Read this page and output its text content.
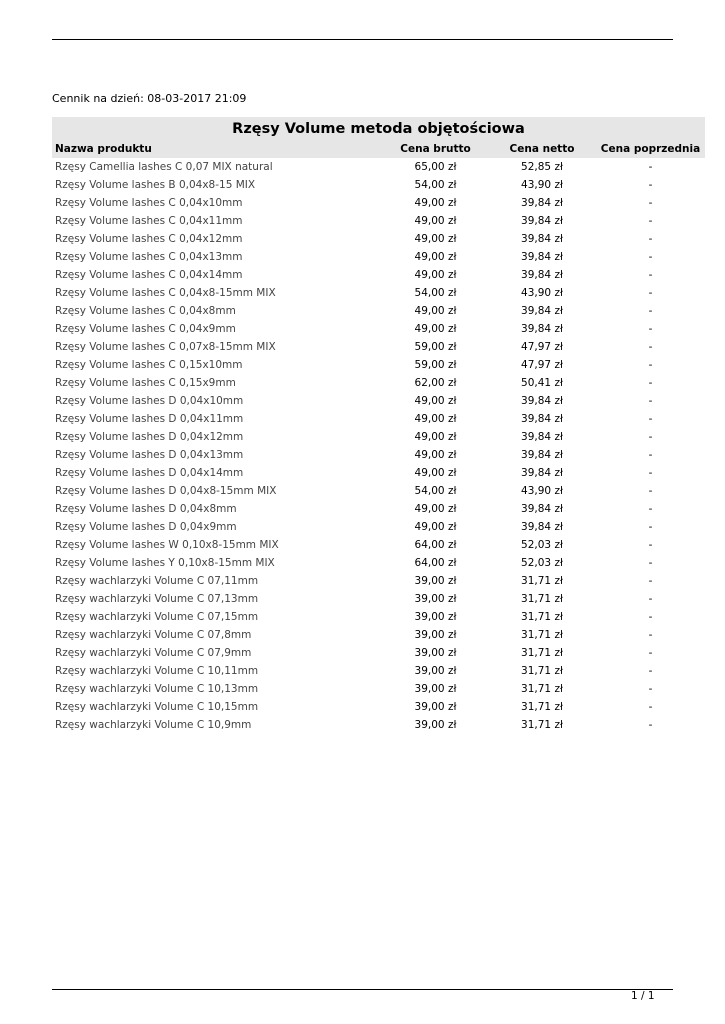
Cennik na dzień: 08-03-2017 21:09
Rzęsy Volume metoda objętościowa
Nazwa produktu	Cena brutto	Cena netto	Cena poprzednia
Rzęsy Camellia lashes C 0,07 MIX natural	65,00 zł	52,85 zł	-
Rzęsy Volume lashes B 0,04x8-15 MIX	54,00 zł	43,90 zł	-
Rzęsy Volume lashes C 0,04x10mm	49,00 zł	39,84 zł	-
Rzęsy Volume lashes C 0,04x11mm	49,00 zł	39,84 zł	-
Rzęsy Volume lashes C 0,04x12mm	49,00 zł	39,84 zł	-
Rzęsy Volume lashes C 0,04x13mm	49,00 zł	39,84 zł	-
Rzęsy Volume lashes C 0,04x14mm	49,00 zł	39,84 zł	-
Rzęsy Volume lashes C 0,04x8-15mm MIX	54,00 zł	43,90 zł	-
Rzęsy Volume lashes C 0,04x8mm	49,00 zł	39,84 zł	-
Rzęsy Volume lashes C 0,04x9mm	49,00 zł	39,84 zł	-
Rzęsy Volume lashes C 0,07x8-15mm MIX	59,00 zł	47,97 zł	-
Rzęsy Volume lashes C 0,15x10mm	59,00 zł	47,97 zł	-
Rzęsy Volume lashes C 0,15x9mm	62,00 zł	50,41 zł	-
Rzęsy Volume lashes D 0,04x10mm	49,00 zł	39,84 zł	-
Rzęsy Volume lashes D 0,04x11mm	49,00 zł	39,84 zł	-
Rzęsy Volume lashes D 0,04x12mm	49,00 zł	39,84 zł	-
Rzęsy Volume lashes D 0,04x13mm	49,00 zł	39,84 zł	-
Rzęsy Volume lashes D 0,04x14mm	49,00 zł	39,84 zł	-
Rzęsy Volume lashes D 0,04x8-15mm MIX	54,00 zł	43,90 zł	-
Rzęsy Volume lashes D 0,04x8mm	49,00 zł	39,84 zł	-
Rzęsy Volume lashes D 0,04x9mm	49,00 zł	39,84 zł	-
Rzęsy Volume lashes W 0,10x8-15mm MIX	64,00 zł	52,03 zł	-
Rzęsy Volume lashes Y 0,10x8-15mm MIX	64,00 zł	52,03 zł	-
Rzęsy wachlarzyki Volume C 07,11mm	39,00 zł	31,71 zł	-
Rzęsy wachlarzyki Volume C 07,13mm	39,00 zł	31,71 zł	-
Rzęsy wachlarzyki Volume C 07,15mm	39,00 zł	31,71 zł	-
Rzęsy wachlarzyki Volume C 07,8mm	39,00 zł	31,71 zł	-
Rzęsy wachlarzyki Volume C 07,9mm	39,00 zł	31,71 zł	-
Rzęsy wachlarzyki Volume C 10,11mm	39,00 zł	31,71 zł	-
Rzęsy wachlarzyki Volume C 10,13mm	39,00 zł	31,71 zł	-
Rzęsy wachlarzyki Volume C 10,15mm	39,00 zł	31,71 zł	-
Rzęsy wachlarzyki Volume C 10,9mm	39,00 zł	31,71 zł	-
1 / 1
